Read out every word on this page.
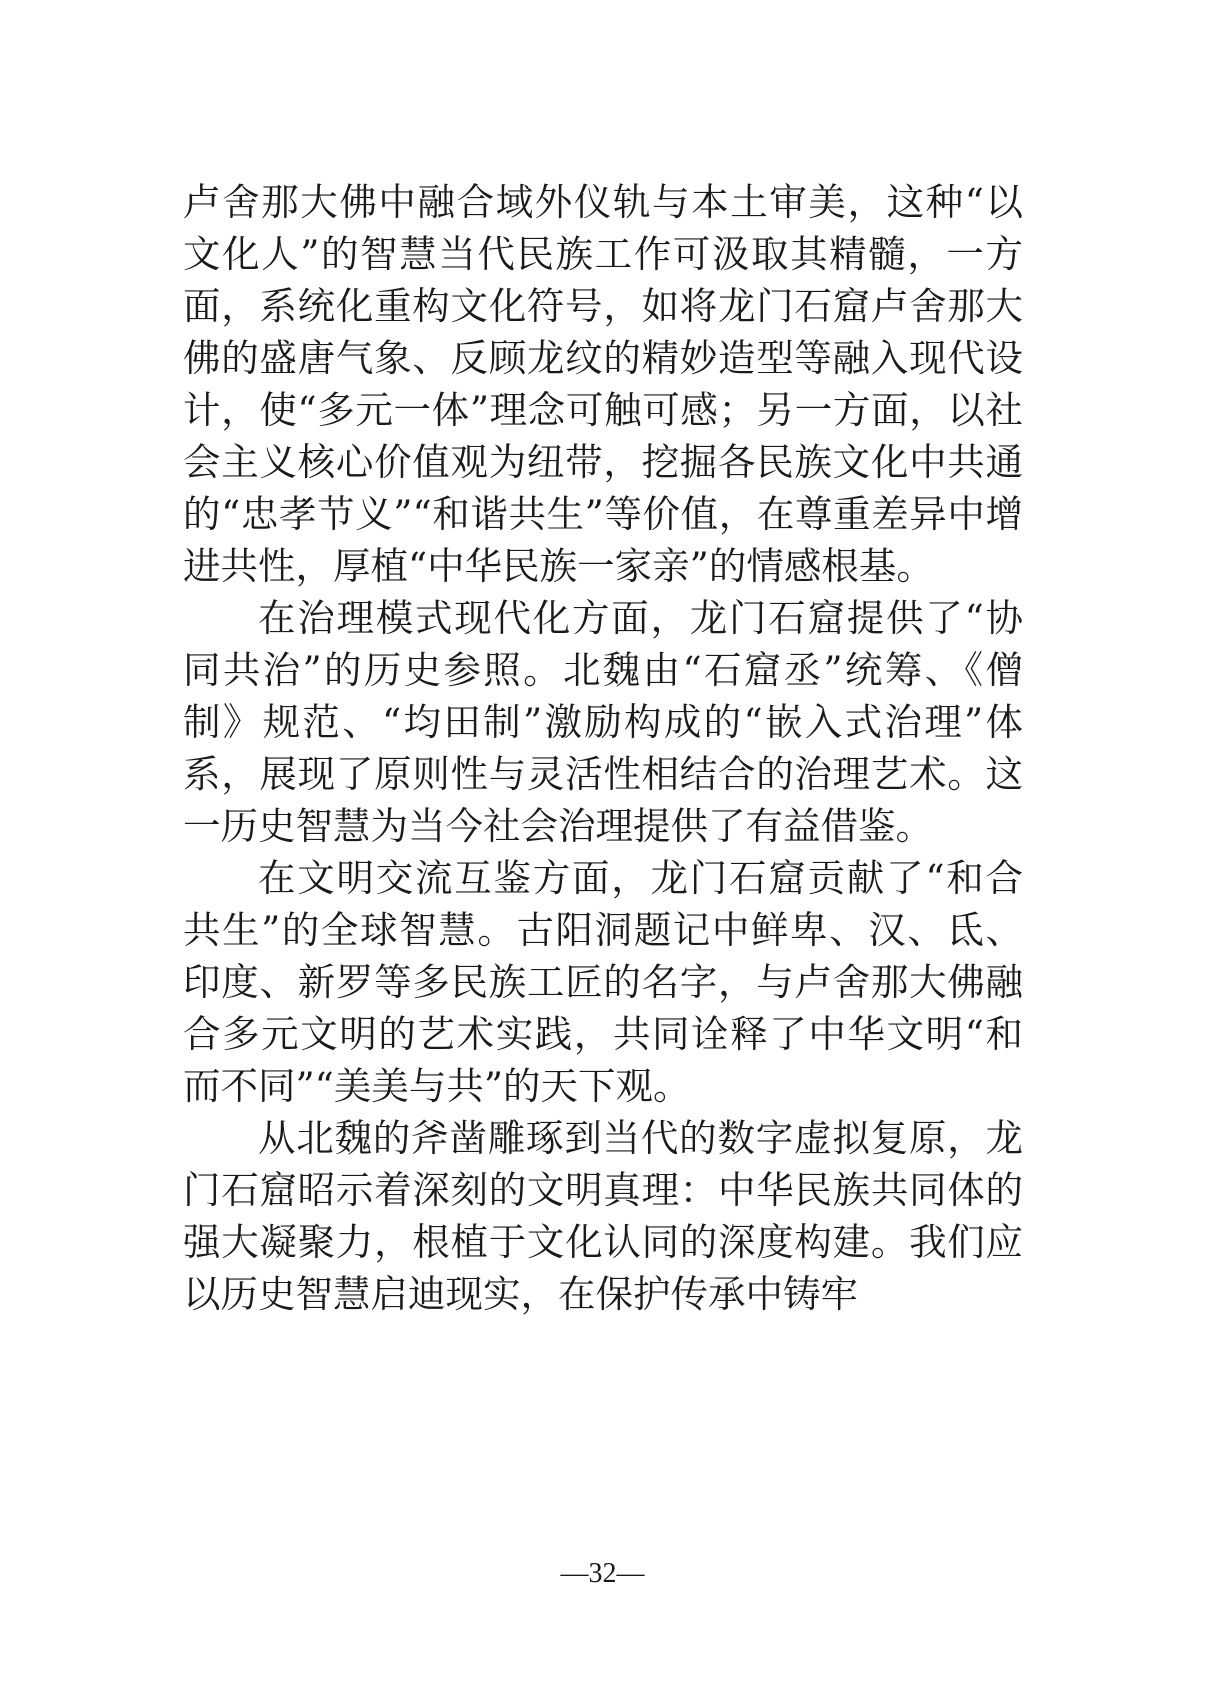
卢舍那大佛中融合域外仪轨与本土审美，这种“以文化人”的智慧当代民族工作可汲取其精髓，一方面，系统化重构文化符号，如将龙门石窟卢舍那大佛的盛唐气象、反顾龙纹的精妙造型等融入现代设计，使“多元一体”理念可触可感；另一方面，以社会主义核心价值观为纽带，挖掘各民族文化中共通的“忠孝节义”“和谐共生”等价值，在尊重差异中增进共性，厚植“中华民族一家亲”的情感根基。

在治理模式现代化方面，龙门石窟提供了“协同共治”的历史参照。北魏由“石窟丞”统筹、《僧制》规范、“均田制”激励构成的“嵌入式治理”体系，展现了原则性与灵活性相结合的治理艺术。这一历史智慧为当今社会治理提供了有益借鉴。

在文明交流互鉴方面，龙门石窟贡献了“和合共生”的全球智慧。古阳洞题记中鲜卑、汉、氐、印度、新罗等多民族工匠的名字，与卢舍那大佛融合多元文明的艺术实践，共同诠释了中华文明“和而不同”“美美与共”的天下观。

从北魏的斧凿雕琢到当代的数字虚拟复原，龙门石窟昭示着深刻的文明真理：中华民族共同体的强大凝聚力，根植于文化认同的深度构建。我们应以历史智慧启迪现实，在保护传承中铸牢

—32—
